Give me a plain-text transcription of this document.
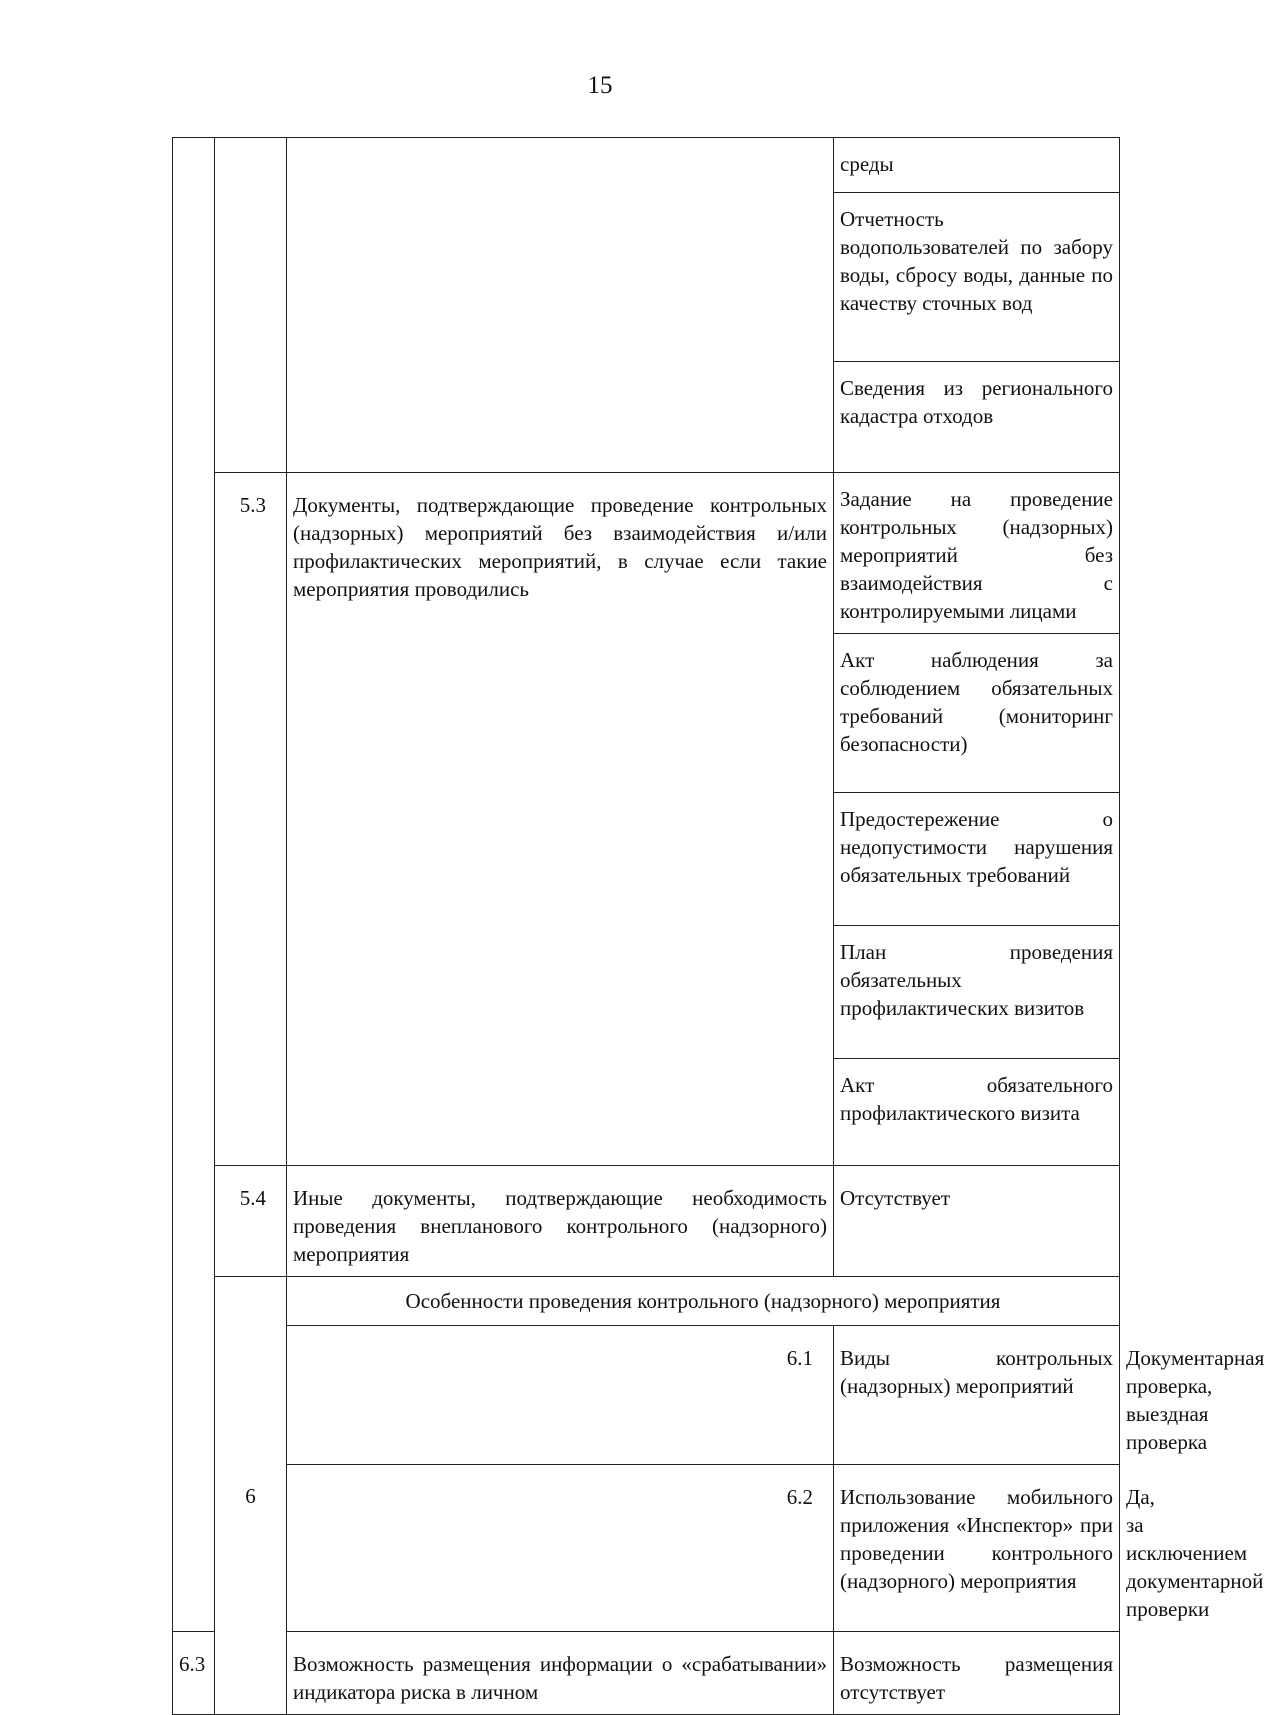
15
			среды	
			Отчетность водопользователей по забору воды, сбросу воды, данные по качеству сточных вод	
			Сведения из регионального кадастра отходов	
	5.3	Документы, подтверждающие проведение контрольных (надзорных) мероприятий без взаимодействия и/или профилактических мероприятий, в случае если такие мероприятия проводились	Задание на проведение контрольных (надзорных) мероприятий без взаимодействия с контролируемыми лицами	
			Акт наблюдения за соблюдением обязательных требований (мониторинг безопасности)	
			Предостережение о недопустимости нарушения обязательных требований	
			План проведения обязательных профилактических визитов	
			Акт обязательного профилактического визита	
	5.4	Иные документы, подтверждающие необходимость проведения внепланового контрольного (надзорного) мероприятия	Отсутствует	
	6	Особенности проведения контрольного (надзорного) мероприятия		
		6.1	Виды контрольных (надзорных) мероприятий	Документарная проверка, выездная проверка
		6.2	Использование мобильного приложения «Инспектор» при проведении контрольного (надзорного) мероприятия	Да, за исключением документарной проверки
6.3		Возможность размещения информации о «срабатывании» индикатора риска в личном	Возможность размещения отсутствует	
